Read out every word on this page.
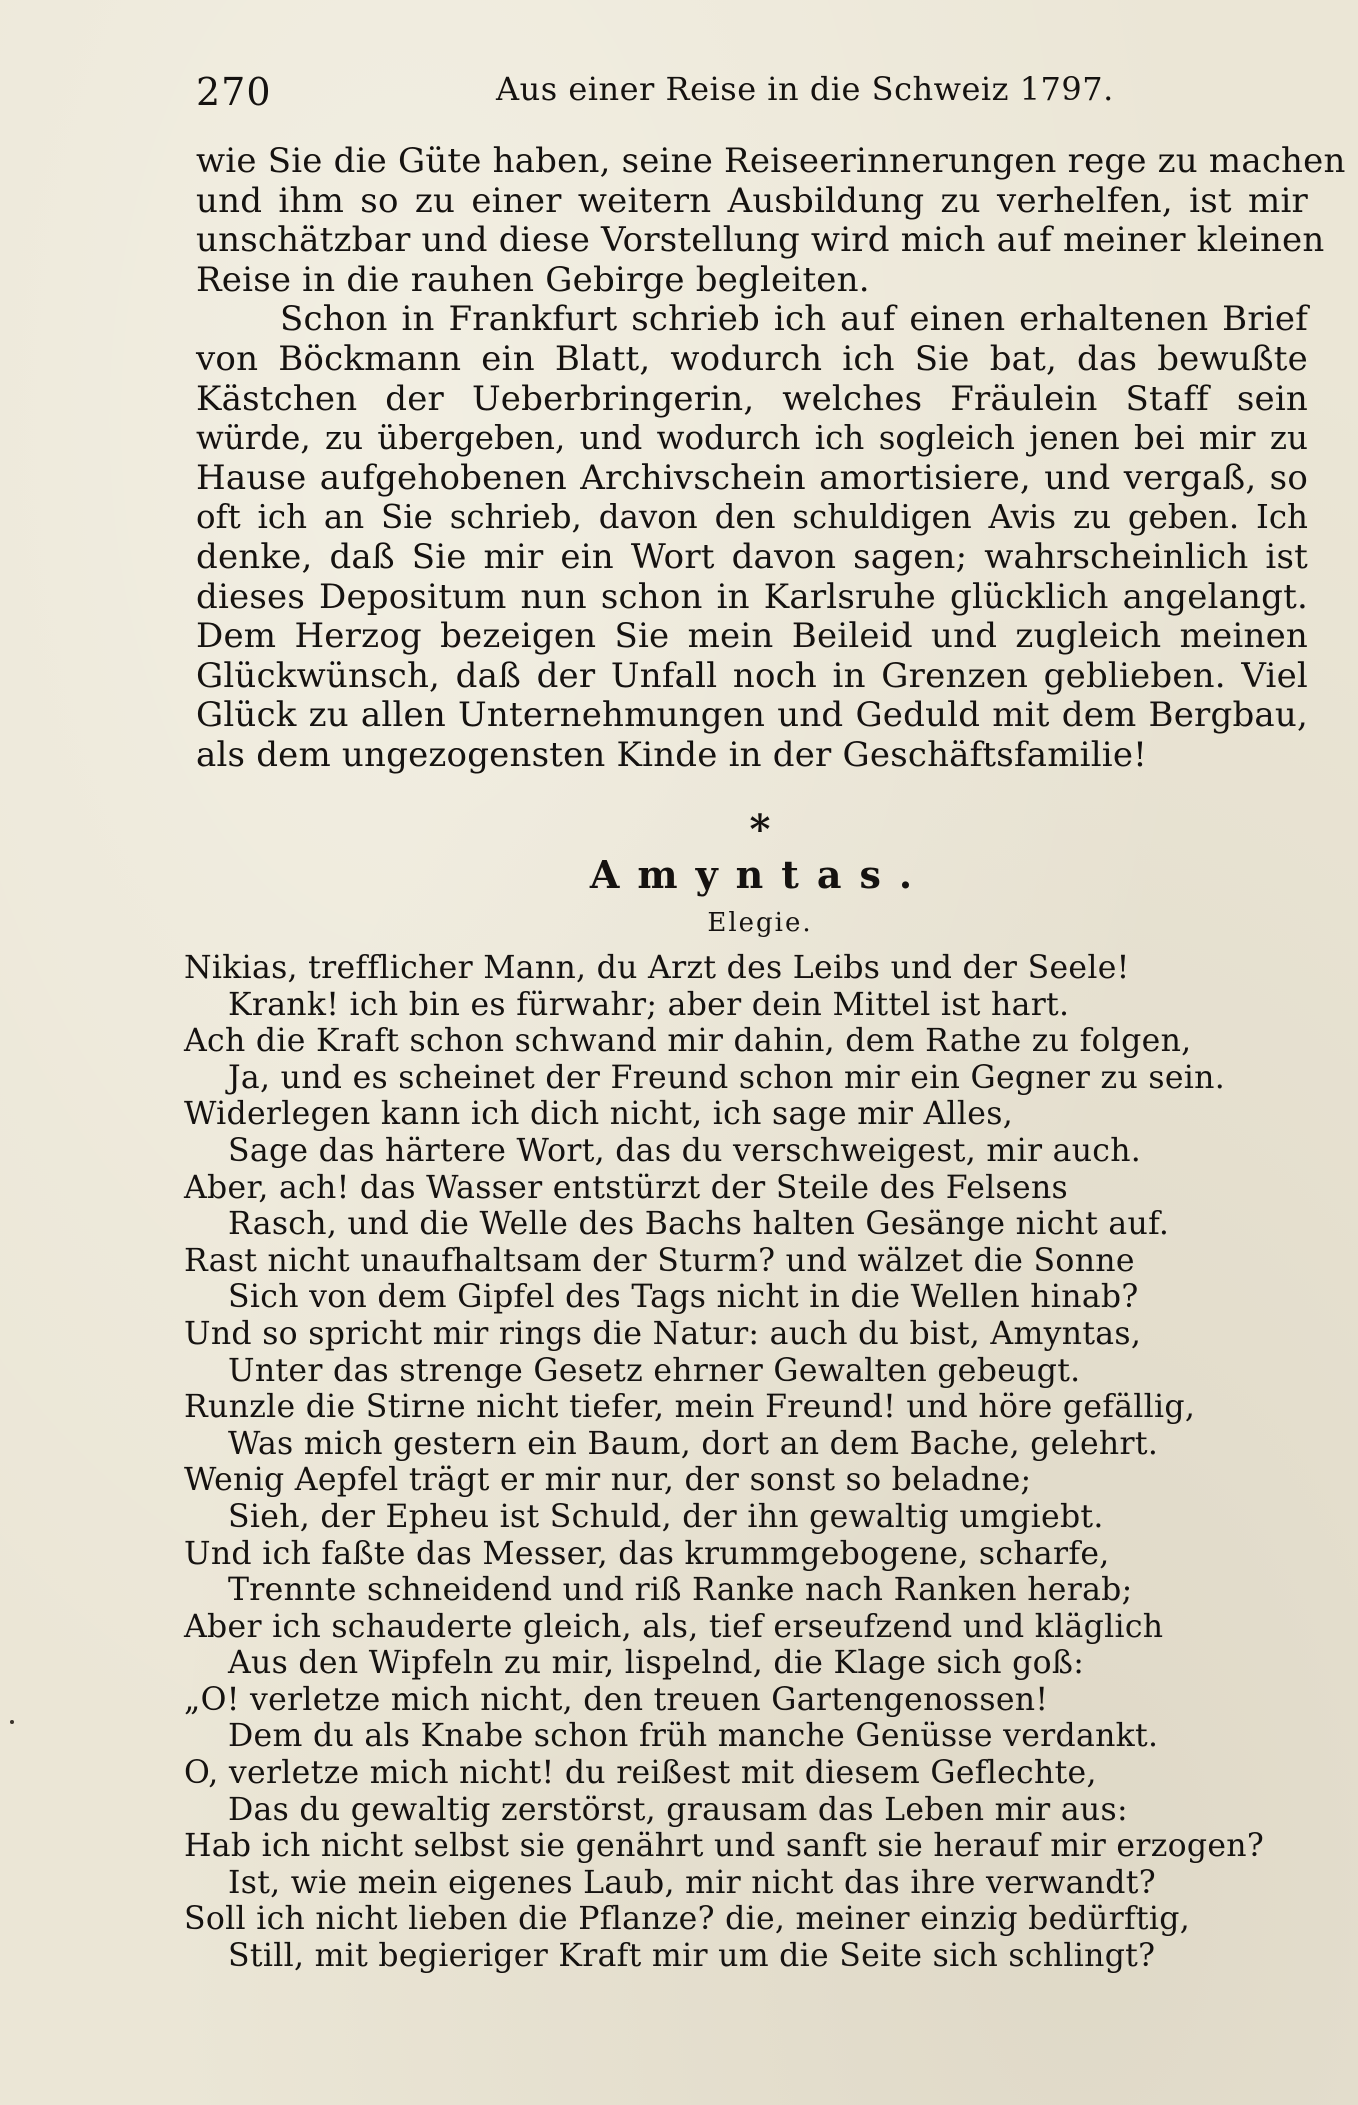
270	Aus einer Reise in die Schweiz 1797.
wie Sie die Güte haben, seine Reiseerinnerungen rege zu machen
und ihm so zu einer weitern Ausbildung zu verhelfen, ist mir
unschätzbar und diese Vorstellung wird mich auf meiner kleinen
Reise in die rauhen Gebirge begleiten.
Schon in Frankfurt schrieb ich auf einen erhaltenen Brief
von Böckmann ein Blatt, wodurch ich Sie bat, das bewußte
Kästchen der Ueberbringerin, welches Fräulein Staff sein
würde, zu übergeben, und wodurch ich sogleich jenen bei mir zu
Hause aufgehobenen Archivschein amortisiere, und vergaß, so
oft ich an Sie schrieb, davon den schuldigen Avis zu geben. Ich
denke, daß Sie mir ein Wort davon sagen; wahrscheinlich ist
dieses Depositum nun schon in Karlsruhe glücklich angelangt.
Dem Herzog bezeigen Sie mein Beileid und zugleich meinen
Glückwünsch, daß der Unfall noch in Grenzen geblieben. Viel
Glück zu allen Unternehmungen und Geduld mit dem Bergbau,
als dem ungezogensten Kinde in der Geschäftsfamilie!
*
Amyntas.
Elegie.
Nikias, trefflicher Mann, du Arzt des Leibs und der Seele!
Krank! ich bin es fürwahr; aber dein Mittel ist hart.
Ach die Kraft schon schwand mir dahin, dem Rathe zu folgen,
Ja, und es scheinet der Freund schon mir ein Gegner zu sein.
Widerlegen kann ich dich nicht, ich sage mir Alles,
Sage das härtere Wort, das du verschweigest, mir auch.
Aber, ach! das Wasser entstürzt der Steile des Felsens
Rasch, und die Welle des Bachs halten Gesänge nicht auf.
Rast nicht unaufhaltsam der Sturm? und wälzet die Sonne
Sich von dem Gipfel des Tags nicht in die Wellen hinab?
Und so spricht mir rings die Natur: auch du bist, Amyntas,
Unter das strenge Gesetz ehrner Gewalten gebeugt.
Runzle die Stirne nicht tiefer, mein Freund! und höre gefällig,
Was mich gestern ein Baum, dort an dem Bache, gelehrt.
Wenig Aepfel trägt er mir nur, der sonst so beladne;
Sieh, der Epheu ist Schuld, der ihn gewaltig umgiebt.
Und ich faßte das Messer, das krummgebogene, scharfe,
Trennte schneidend und riß Ranke nach Ranken herab;
Aber ich schauderte gleich, als, tief erseufzend und kläglich
Aus den Wipfeln zu mir, lispelnd, die Klage sich goß:
„O! verletze mich nicht, den treuen Gartengenossen!
Dem du als Knabe schon früh manche Genüsse verdankt.
O, verletze mich nicht! du reißest mit diesem Geflechte,
Das du gewaltig zerstörst, grausam das Leben mir aus:
Hab ich nicht selbst sie genährt und sanft sie herauf mir erzogen?
Ist, wie mein eigenes Laub, mir nicht das ihre verwandt?
Soll ich nicht lieben die Pflanze? die, meiner einzig bedürftig,
Still, mit begieriger Kraft mir um die Seite sich schlingt?
